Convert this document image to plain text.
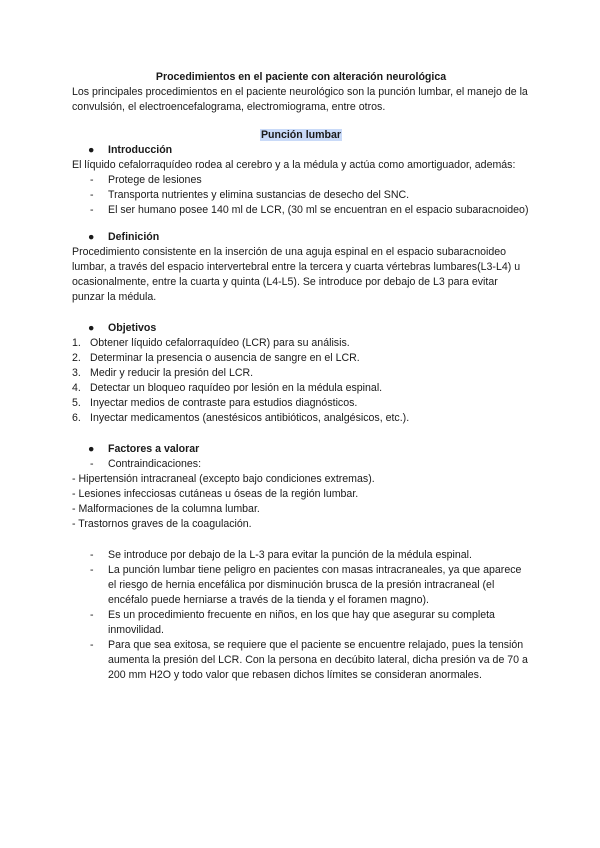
Procedimientos en el paciente con alteración neurológica

Los principales procedimientos en el paciente neurológico son la punción lumbar, el manejo de la convulsión, el electroencefalograma, electromiograma, entre otros.

Punción lumbar

● Introducción

El líquido cefalorraquídeo rodea al cerebro y a la médula y actúa como amortiguador, además:

- Protege de lesiones
- Transporta nutrientes y elimina sustancias de desecho del SNC.
- El ser humano posee 140 ml de LCR, (30 ml se encuentran en el espacio subaracnoideo)
● Definición

Procedimiento consistente en la inserción de una aguja espinal en el espacio subaracnoideo lumbar, a través del espacio intervertebral entre la tercera y cuarta vértebras lumbares(L3-L4) u ocasionalmente, entre la cuarta y quinta (L4-L5). Se introduce por debajo de L3 para evitar punzar la médula.

● Objetivos
1. Obtener líquido cefalorraquídeo (LCR) para su análisis.
2. Determinar la presencia o ausencia de sangre en el LCR.
3. Medir y reducir la presión del LCR.
4. Detectar un bloqueo raquídeo por lesión en la médula espinal.
5. Inyectar medios de contraste para estudios diagnósticos.
6. Inyectar medicamentos (anestésicos antibióticos, analgésicos, etc.).
● Factores a valorar
- Contraindicaciones:

- Hipertensión intracraneal (excepto bajo condiciones extremas).

- Lesiones infecciosas cutáneas u óseas de la región lumbar.

- Malformaciones de la columna lumbar.

- Trastornos graves de la coagulación.

- Se introduce por debajo de la L-3 para evitar la punción de la médula espinal.
- La punción lumbar tiene peligro en pacientes con masas intracraneales, ya que aparece el riesgo de hernia encefálica por disminución brusca de la presión intracraneal (el encéfalo puede herniarse a través de la tienda y el foramen magno).
- Es un procedimiento frecuente en niños, en los que hay que asegurar su completa inmovilidad.
- Para que sea exitosa, se requiere que el paciente se encuentre relajado, pues la tensión aumenta la presión del LCR. Con la persona en decúbito lateral, dicha presión va de 70 a 200 mm H2O y todo valor que rebasen dichos límites se consideran anormales.
